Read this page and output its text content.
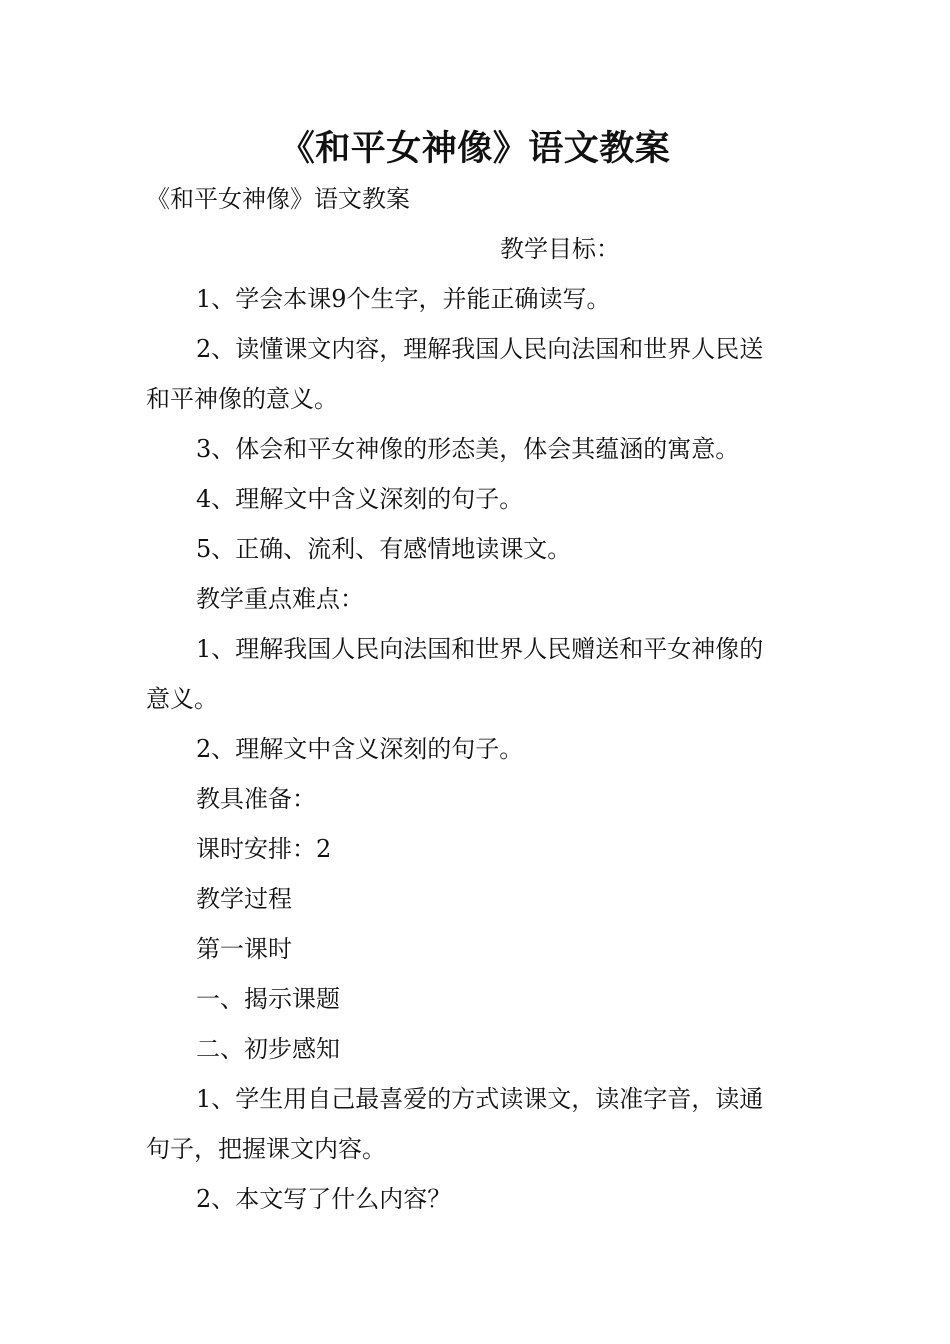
《和平女神像》语文教案
《和平女神像》语文教案
教学目标：
1、学会本课9个生字，并能正确读写。
2、读懂课文内容，理解我国人民向法国和世界人民送
和平神像的意义。
3、体会和平女神像的形态美，体会其蕴涵的寓意。
4、理解文中含义深刻的句子。
5、正确、流利、有感情地读课文。
教学重点难点：
1、理解我国人民向法国和世界人民赠送和平女神像的
意义。
2、理解文中含义深刻的句子。
教具准备：
课时安排：2
教学过程
第一课时
一、揭示课题
二、初步感知
1、学生用自己最喜爱的方式读课文，读准字音，读通
句子，把握课文内容。
2、本文写了什么内容？
